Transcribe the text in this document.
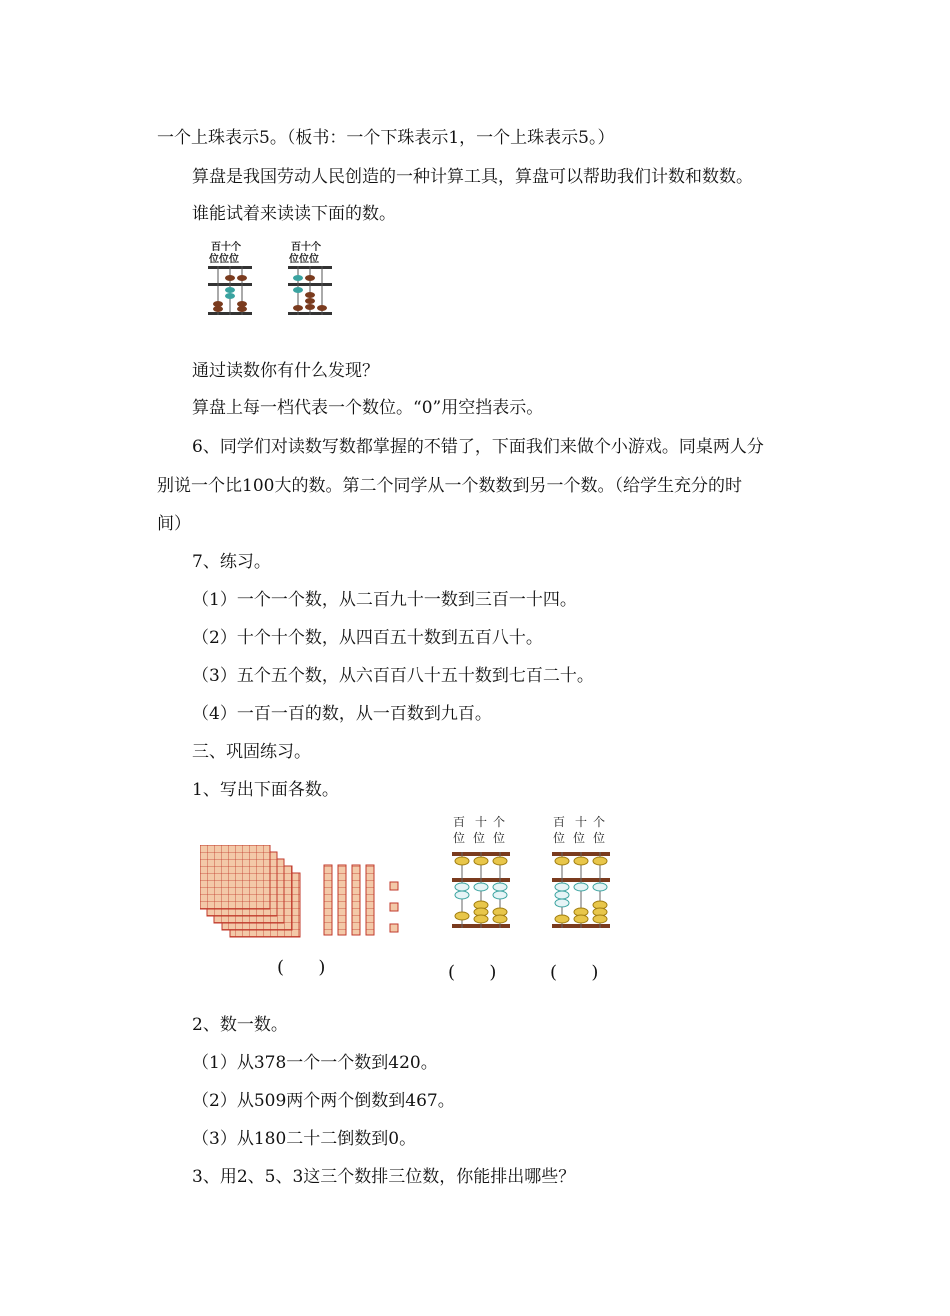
一个上珠表示5。（板书：一个下珠表示1，一个上珠表示5。）
算盘是我国劳动人民创造的一种计算工具，算盘可以帮助我们计数和数数。
谁能试着来读读下面的数。
百十个
位位位
百十个
位位位
通过读数你有什么发现？
算盘上每一档代表一个数位。“0”用空挡表示。
6、同学们对读数写数都掌握的不错了，下面我们来做个小游戏。同桌两人分
别说一个比100大的数。第二个同学从一个数数到另一个数。（给学生充分的时
间）
7、练习。
（1）一个一个数，从二百九十一数到三百一十四。
（2）十个十个数，从四百五十数到五百八十。
（3）五个五个数，从六百百八十五十数到七百二十。
（4）一百一百的数，从一百数到九百。
三、巩固练习。
1、写出下面各数。
百 十 个
位 位 位
百 十 个
位 位 位
(      )	(      )	(      )
2、数一数。
（1）从378一个一个数到420。
（2）从509两个两个倒数到467。
（3）从180二十二倒数到0。
3、用2、5、3这三个数排三位数，你能排出哪些？
